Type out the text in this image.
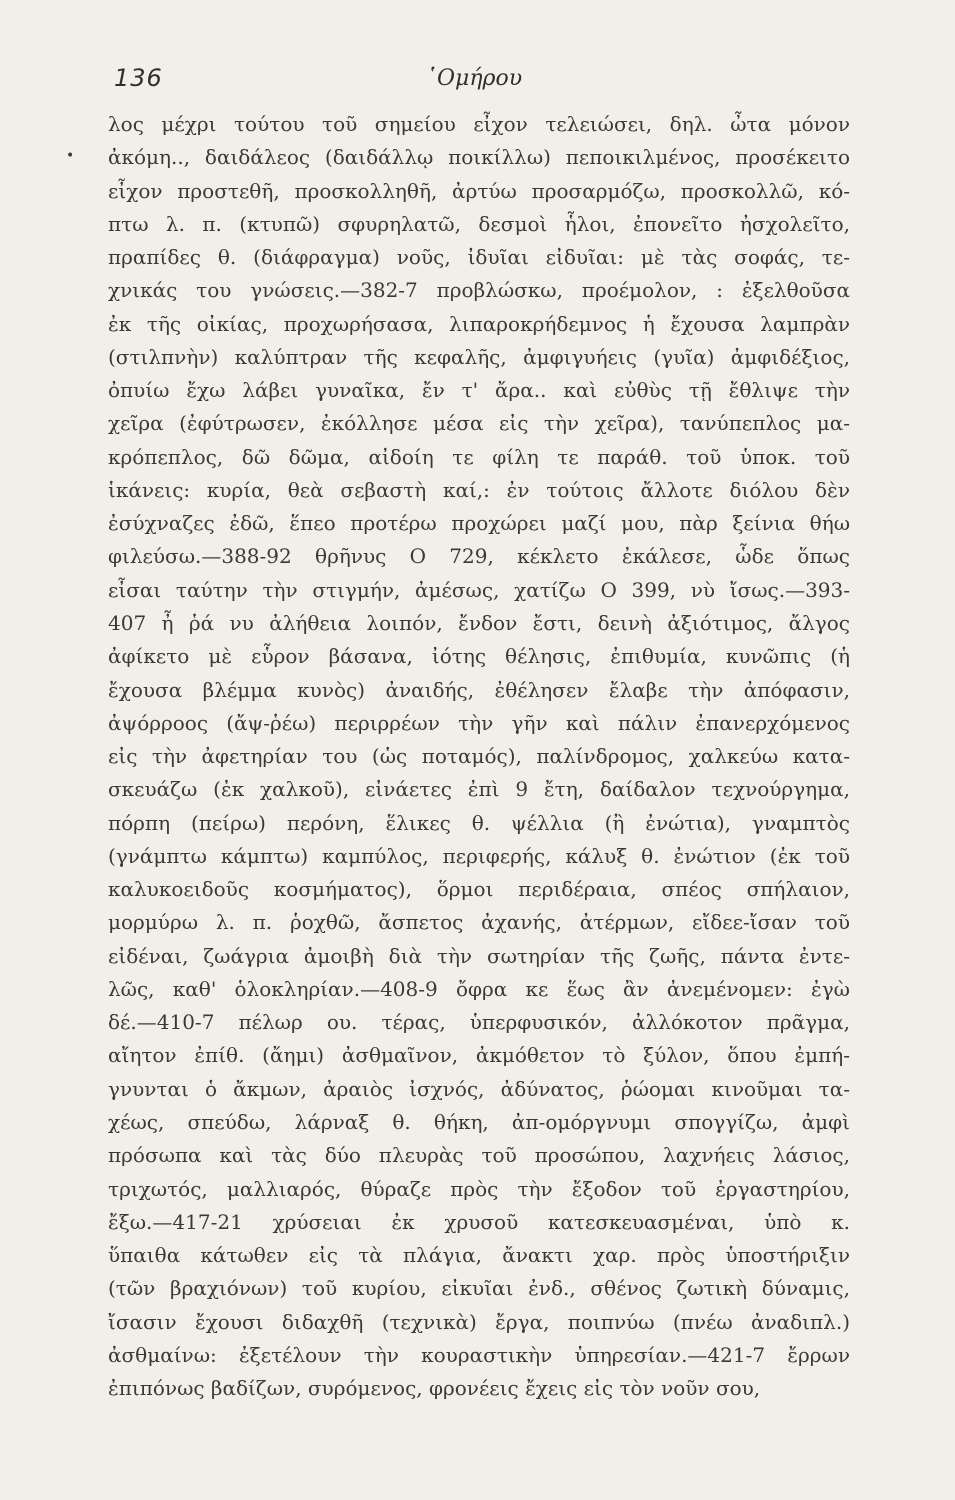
136	῾Ομήρου
•
λος μέχρι τούτου τοῦ σημείου εἶχον τελειώσει, δηλ. ὦτα μόνον
ἀκόμη.., δαιδάλεος (δαιδάλλῳ ποικίλλω) πεποικιλμένος, προσέκειτο
εἶχον προστεθῆ, προσκολληθῆ, ἀρτύω προσαρμόζω, προσκολλῶ, κό-
πτω λ. π. (κτυπῶ) σφυρηλατῶ, δεσμοὶ ἧλοι, ἐπονεῖτο ἠσχολεῖτο,
πραπίδες θ. (διάφραγμα) νοῦς, ἰδυῖαι εἰδυῖαι: μὲ τὰς σοφάς, τε-
χνικάς του γνώσεις.—382-7 προβλώσκω, προέμολον, : ἐξελθοῦσα
ἐκ τῆς οἰκίας, προχωρήσασα, λιπαροκρήδεμνος ἡ ἔχουσα λαμπρὰν
(στιλπνὴν) καλύπτραν τῆς κεφαλῆς, ἀμφιγυήεις (γυῖα) ἀμφιδέξιος,
ὀπυίω ἔχω λάβει γυναῖκα, ἔν τ' ἄρα.. καὶ εὐθὺς τῇ ἔθλιψε τὴν
χεῖρα (ἐφύτρωσεν, ἐκόλλησε μέσα εἰς τὴν χεῖρα), τανύπεπλος μα-
κρόπεπλος, δῶ δῶμα, αἰδοίη τε φίλη τε παράθ. τοῦ ὑποκ. τοῦ
ἱκάνεις: κυρία, θεὰ σεβαστὴ καί,: ἐν τούτοις ἄλλοτε διόλου δὲν
ἐσύχναζες ἐδῶ, ἕπεο προτέρω προχώρει μαζί μου, πὰρ ξείνια θήω
φιλεύσω.—388-92 θρῆνυς Ο 729, κέκλετο ἐκάλεσε, ὧδε ὅπως
εἶσαι ταύτην τὴν στιγμήν, ἀμέσως, χατίζω Ο 399, νὺ ἴσως.—393-
407 ἦ ῥά νυ ἀλήθεια λοιπόν, ἔνδον ἔστι, δεινὴ ἀξιότιμος, ἄλγος
ἀφίκετο μὲ εὗρον βάσανα, ἰότης θέλησις, ἐπιθυμία, κυνῶπις (ἡ
ἔχουσα βλέμμα κυνὸς) ἀναιδής, ἐθέλησεν ἔλαβε τὴν ἀπόφασιν,
ἀψόρροος (ἄψ-ῥέω) περιρρέων τὴν γῆν καὶ πάλιν ἐπανερχόμενος
εἰς τὴν ἀφετηρίαν του (ὡς ποταμός), παλίνδρομος, χαλκεύω κατα-
σκευάζω (ἐκ χαλκοῦ), εἰνάετες ἐπὶ 9 ἔτη, δαίδαλον τεχνούργημα,
πόρπη (πείρω) περόνη, ἕλικες θ. ψέλλια (ἢ ἐνώτια), γναμπτὸς
(γνάμπτω κάμπτω) καμπύλος, περιφερής, κάλυξ θ. ἐνώτιον (ἐκ τοῦ
καλυκοειδοῦς κοσμήματος), ὅρμοι περιδέραια, σπέος σπήλαιον,
μορμύρω λ. π. ῥοχθῶ, ἄσπετος ἀχανής, ἀτέρμων, εἴδεε-ἴσαν τοῦ
εἰδέναι, ζωάγρια ἀμοιβὴ διὰ τὴν σωτηρίαν τῆς ζωῆς, πάντα ἐντε-
λῶς, καθ' ὁλοκληρίαν.—408-9 ὄφρα κε ἕως ἂν ἀνεμένομεν: ἐγὼ
δέ.—410-7 πέλωρ ου. τέρας, ὑπερφυσικόν, ἀλλόκοτον πρᾶγμα,
αἴητον ἐπίθ. (ἄημι) ἀσθμαῖνον, ἀκμόθετον τὸ ξύλον, ὅπου ἐμπή-
γνυνται ὁ ἄκμων, ἀραιὸς ἰσχνός, ἀδύνατος, ῥώομαι κινοῦμαι τα-
χέως, σπεύδω, λάρναξ θ. θήκη, ἀπ-ομόργνυμι σπογγίζω, ἀμφὶ
πρόσωπα καὶ τὰς δύο πλευρὰς τοῦ προσώπου, λαχνήεις λάσιος,
τριχωτός, μαλλιαρός, θύραζε πρὸς τὴν ἔξοδον τοῦ ἐργαστηρίου,
ἔξω.—417-21 χρύσειαι ἐκ χρυσοῦ κατεσκευασμέναι, ὑπὸ κ.
ὕπαιθα κάτωθεν εἰς τὰ πλάγια, ἄνακτι χαρ. πρὸς ὑποστήριξιν
(τῶν βραχιόνων) τοῦ κυρίου, εἰκυῖαι ἐνδ., σθένος ζωτικὴ δύναμις,
ἴσασιν ἔχουσι διδαχθῆ (τεχνικὰ) ἔργα, ποιπνύω (πνέω ἀναδιπλ.)
ἀσθμαίνω: ἐξετέλουν τὴν κουραστικὴν ὑπηρεσίαν.—421-7 ἔρρων
ἐπιπόνως βαδίζων, συρόμενος, φρονέεις ἔχεις εἰς τὸν νοῦν σου,
